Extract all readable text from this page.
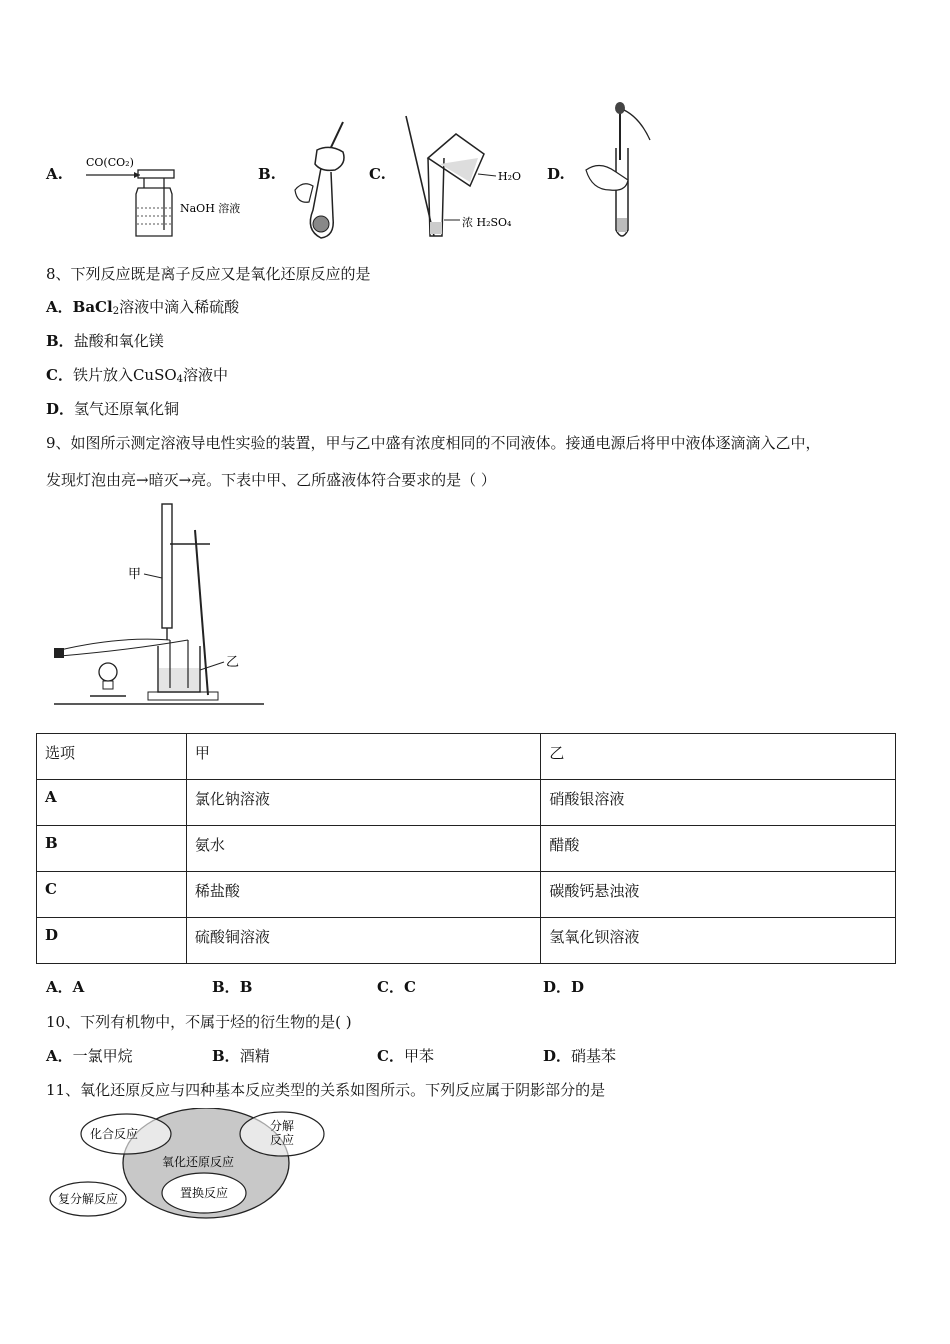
A.	B.	C.	D.
CO(CO₂)
NaOH 溶液
H₂O
浓 H₂SO₄
8、下列反应既是离子反应又是氧化还原反应的是
A．BaCl$_2$溶液中滴入稀硫酸
B．盐酸和氧化镁
C．铁片放入CuSO$_4$溶液中
D．氢气还原氧化铜
9、如图所示测定溶液导电性实验的装置，甲与乙中盛有浓度相同的不同液体。接通电源后将甲中液体逐滴滴入乙中，
发现灯泡由亮→暗灭→亮。下表中甲、乙所盛液体符合要求的是（ ）
甲
乙
选项	甲	乙
A	氯化钠溶液	硝酸银溶液
B	氨水	醋酸
C	稀盐酸	碳酸钙悬浊液
D	硫酸铜溶液	氢氧化钡溶液
A．A	B．B	C．C	D．D
10、下列有机物中，不属于烃的衍生物的是( )
A．一氯甲烷	B．酒精	C．甲苯	D．硝基苯
11、氧化还原反应与四种基本反应类型的关系如图所示。下列反应属于阴影部分的是
化合反应
分解
反应
氧化还原反应
置换反应
复分解反应
